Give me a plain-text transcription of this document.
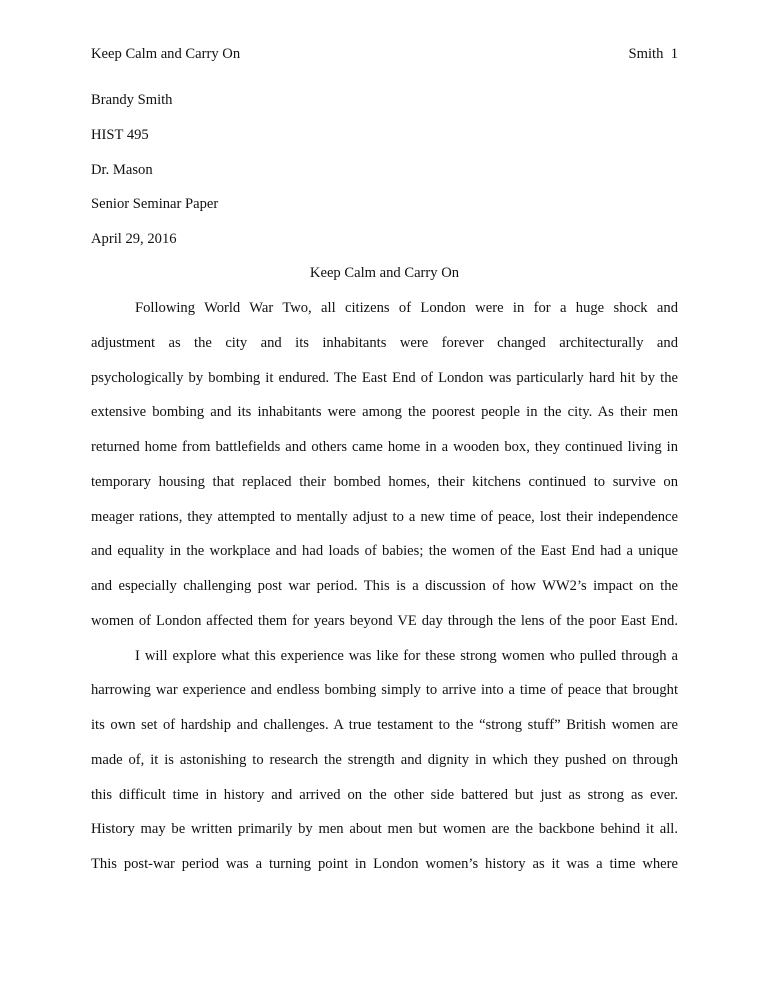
Keep Calm and Carry On	Smith  1
Brandy Smith
HIST 495
Dr. Mason
Senior Seminar Paper
April 29, 2016
Keep Calm and Carry On
Following World War Two, all citizens of London were in for a huge shock and
adjustment as the city and its inhabitants were forever changed architecturally and
psychologically by bombing it endured. The East End of London was particularly hard hit by the
extensive bombing and its inhabitants were among the poorest people in the city. As their men
returned home from battlefields and others came home in a wooden box, they continued living in
temporary housing that replaced their bombed homes, their kitchens continued to survive on
meager rations, they attempted to mentally adjust to a new time of peace, lost their independence
and equality in the workplace and had loads of babies; the women of the East End had a unique
and especially challenging post war period. This is a discussion of how WW2’s impact on the
women of London affected them for years beyond VE day through the lens of the poor East End.
I will explore what this experience was like for these strong women who pulled through a
harrowing war experience and endless bombing simply to arrive into a time of peace that brought
its own set of hardship and challenges. A true testament to the “strong stuff” British women are
made of, it is astonishing to research the strength and dignity in which they pushed on through
this difficult time in history and arrived on the other side battered but just as strong as ever.
History may be written primarily by men about men but women are the backbone behind it all.
This post-war period was a turning point in London women’s history as it was a time where
